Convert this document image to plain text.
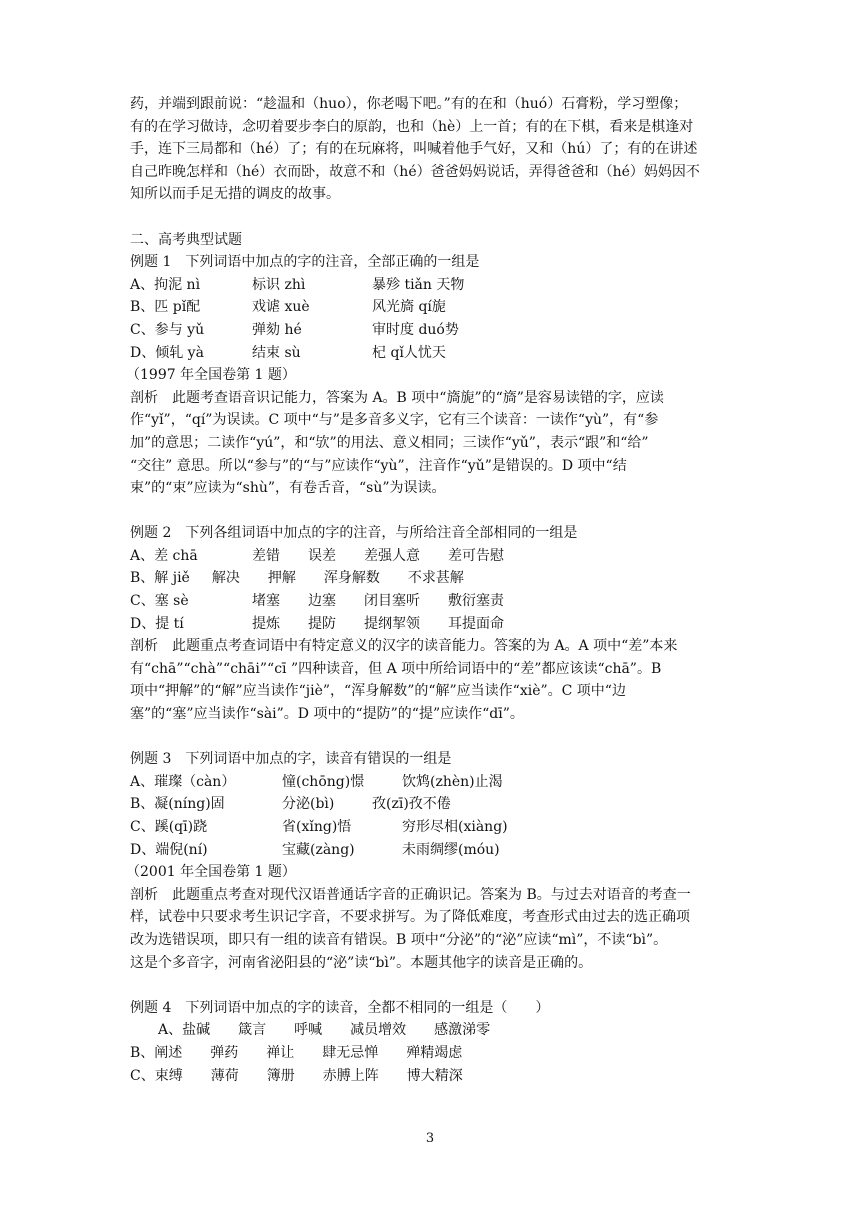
药，并端到跟前说：“趁温和（huo），你老喝下吧。”有的在和（huó）石膏粉，学习塑像；
有的在学习做诗，念叨着要步李白的原韵，也和（hè）上一首；有的在下棋，看来是棋逢对
手，连下三局都和（hé）了；有的在玩麻将，叫喊着他手气好，又和（hú）了；有的在讲述
自己昨晚怎样和（hé）衣而卧，故意不和（hé）爸爸妈妈说话，弄得爸爸和（hé）妈妈因不
知所以而手足无措的调皮的故事。
二、高考典型试题
例题 1　下列词语中加点的字的注音，全部正确的一组是
A、拘泥 nì	标识 zhì	暴殄 tiǎn 天物
B、匹 pǐ配	戏谑 xuè	风光旖 qí旎
C、参与 yǔ	弹劾 hé	审时度 duó势
D、倾轧 yà	结束 sù	杞 qǐ人忧天
（1997 年全国卷第 1 题）
剖析　此题考查语音识记能力，答案为 A。B 项中“旖旎”的“旖”是容易读错的字，应读
作“yǐ”，“qí”为误读。C 项中“与”是多音多义字，它有三个读音：一读作“yù”，有“参
加”的意思；二读作“yú”，和“欤”的用法、意义相同；三读作“yǔ”，表示“跟”和“给”
“交往” 意思。所以“参与”的“与”应读作“yù”，注音作“yǔ”是错误的。D 项中“结
束”的“束”应读为“shù”，有卷舌音，“sù”为误读。
例题 2　下列各组词语中加点的字的注音，与所给注音全部相同的一组是
A、差 chā	差错 误差 差强人意 差可告慰
B、解 jiě 解决 押解 浑身解数 不求甚解
C、塞 sè	堵塞 边塞 闭目塞听 敷衍塞责
D、提 tí	提炼 提防 提纲挈领 耳提面命
剖析　此题重点考查词语中有特定意义的汉字的读音能力。答案的为 A。A 项中“差”本来
有“chā”“chà”“chāi”“cī ”四种读音，但 A 项中所给词语中的“差”都应该读“chā”。B
项中“押解”的“解”应当读作“jiè”，“浑身解数”的“解”应当读作“xiè”。C 项中“边
塞”的“塞”应当读作“sài”。D 项中的“提防”的“提”应读作“dī”。
例题 3　下列词语中加点的字，读音有错误的一组是
A、璀璨（càn）	憧(chōng)憬	饮鸩(zhèn)止渴
B、凝(níng)固	分泌(bì)	孜(zī)孜不倦
C、蹊(qī)跷	省(xǐng)悟	穷形尽相(xiàng)
D、端倪(ní)	宝藏(zàng)	未雨绸缪(móu)
（2001 年全国卷第 1 题）
剖析　此题重点考查对现代汉语普通话字音的正确识记。答案为 B。与过去对语音的考查一
样，试卷中只要求考生识记字音，不要求拼写。为了降低难度，考查形式由过去的选正确项
改为选错误项，即只有一组的读音有错误。B 项中“分泌”的“泌”应读“mì”，不读“bì”。
这是个多音字，河南省泌阳县的“泌”读“bì”。本题其他字的读音是正确的。
例题 4　下列词语中加点的字的读音，全都不相同的一组是（　　）
A、盐碱 箴言 呼喊 减员增效 感激涕零
B、阐述 弹药 禅让 肆无忌惮 殚精竭虑
C、束缚 薄荷 簿册 赤膊上阵 博大精深
3
